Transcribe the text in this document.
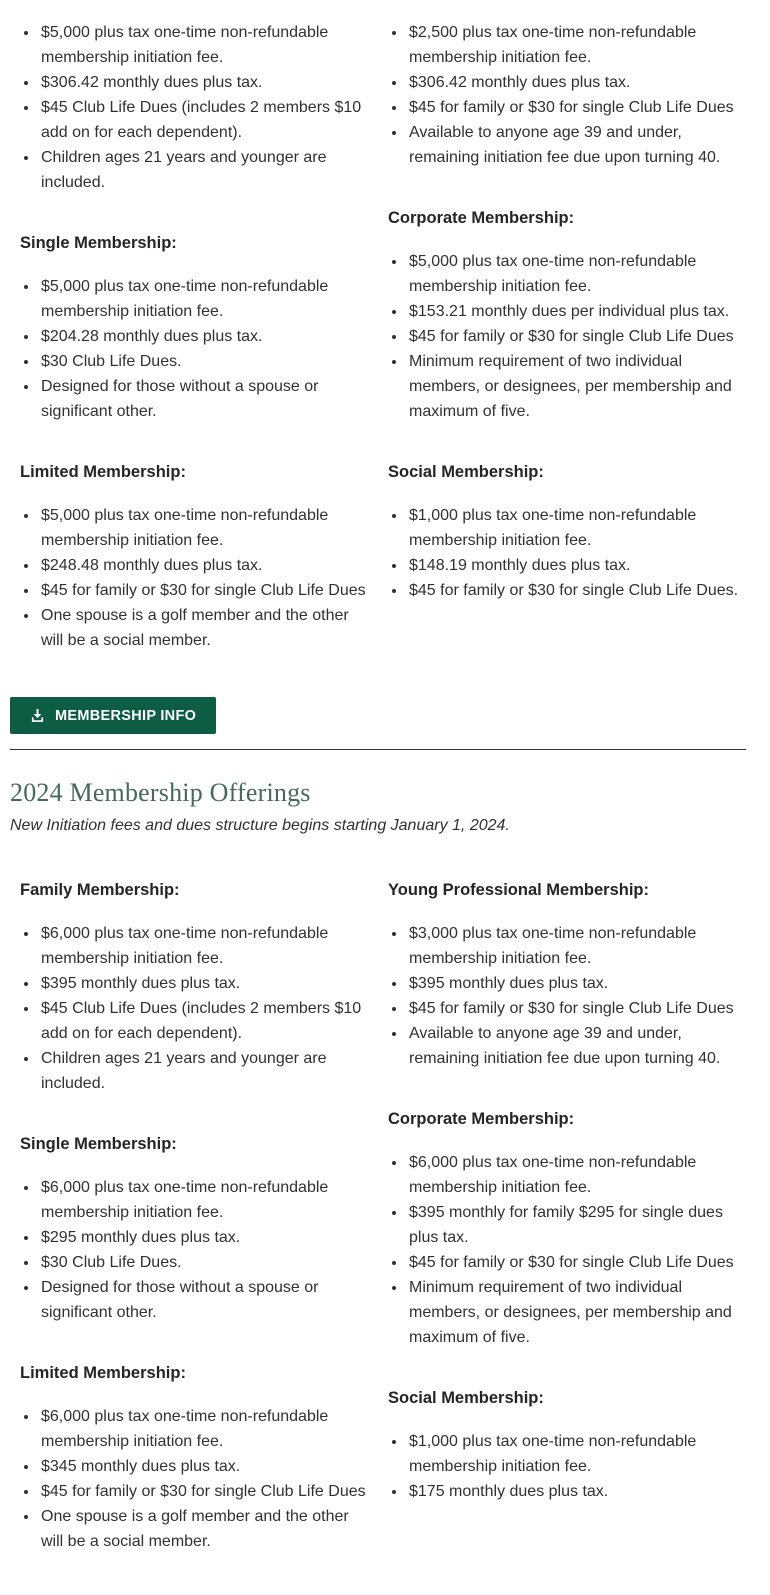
• $5,000 plus tax one-time non-refundable membership initiation fee.
• $306.42 monthly dues plus tax.
• $45 Club Life Dues (includes 2 members $10 add on for each dependent).
• Children ages 21 years and younger are included.
Single Membership:
• $5,000 plus tax one-time non-refundable membership initiation fee.
• $204.28 monthly dues plus tax.
• $30 Club Life Dues.
• Designed for those without a spouse or significant other.
Limited Membership:
• $5,000 plus tax one-time non-refundable membership initiation fee.
• $248.48 monthly dues plus tax.
• $45 for family or $30 for single Club Life Dues
• One spouse is a golf member and the other will be a social member.
• $2,500 plus tax one-time non-refundable membership initiation fee.
• $306.42 monthly dues plus tax.
• $45 for family or $30 for single Club Life Dues
• Available to anyone age 39 and under, remaining initiation fee due upon turning 40.
Corporate Membership:
• $5,000 plus tax one-time non-refundable membership initiation fee.
• $153.21 monthly dues per individual plus tax.
• $45 for family or $30 for single Club Life Dues
• Minimum requirement of two individual members, or designees, per membership and maximum of five.
Social Membership:
• $1,000 plus tax one-time non-refundable membership initiation fee.
• $148.19 monthly dues plus tax.
• $45 for family or $30 for single Club Life Dues.
MEMBERSHIP INFO
2024 Membership Offerings

New Initiation fees and dues structure begins starting January 1, 2024.

Family Membership:
• $6,000 plus tax one-time non-refundable membership initiation fee.
• $395 monthly dues plus tax.
• $45 Club Life Dues (includes 2 members $10 add on for each dependent).
• Children ages 21 years and younger are included.
Single Membership:
• $6,000 plus tax one-time non-refundable membership initiation fee.
• $295 monthly dues plus tax.
• $30 Club Life Dues.
• Designed for those without a spouse or significant other.
Limited Membership:
• $6,000 plus tax one-time non-refundable membership initiation fee.
• $345 monthly dues plus tax.
• $45 for family or $30 for single Club Life Dues
• One spouse is a golf member and the other will be a social member.
Young Professional Membership:
• $3,000 plus tax one-time non-refundable membership initiation fee.
• $395 monthly dues plus tax.
• $45 for family or $30 for single Club Life Dues
• Available to anyone age 39 and under, remaining initiation fee due upon turning 40.
Corporate Membership:
• $6,000 plus tax one-time non-refundable membership initiation fee.
• $395 monthly for family $295 for single dues plus tax.
• $45 for family or $30 for single Club Life Dues
• Minimum requirement of two individual members, or designees, per membership and maximum of five.
Social Membership:
• $1,000 plus tax one-time non-refundable membership initiation fee.
• $175 monthly dues plus tax.
